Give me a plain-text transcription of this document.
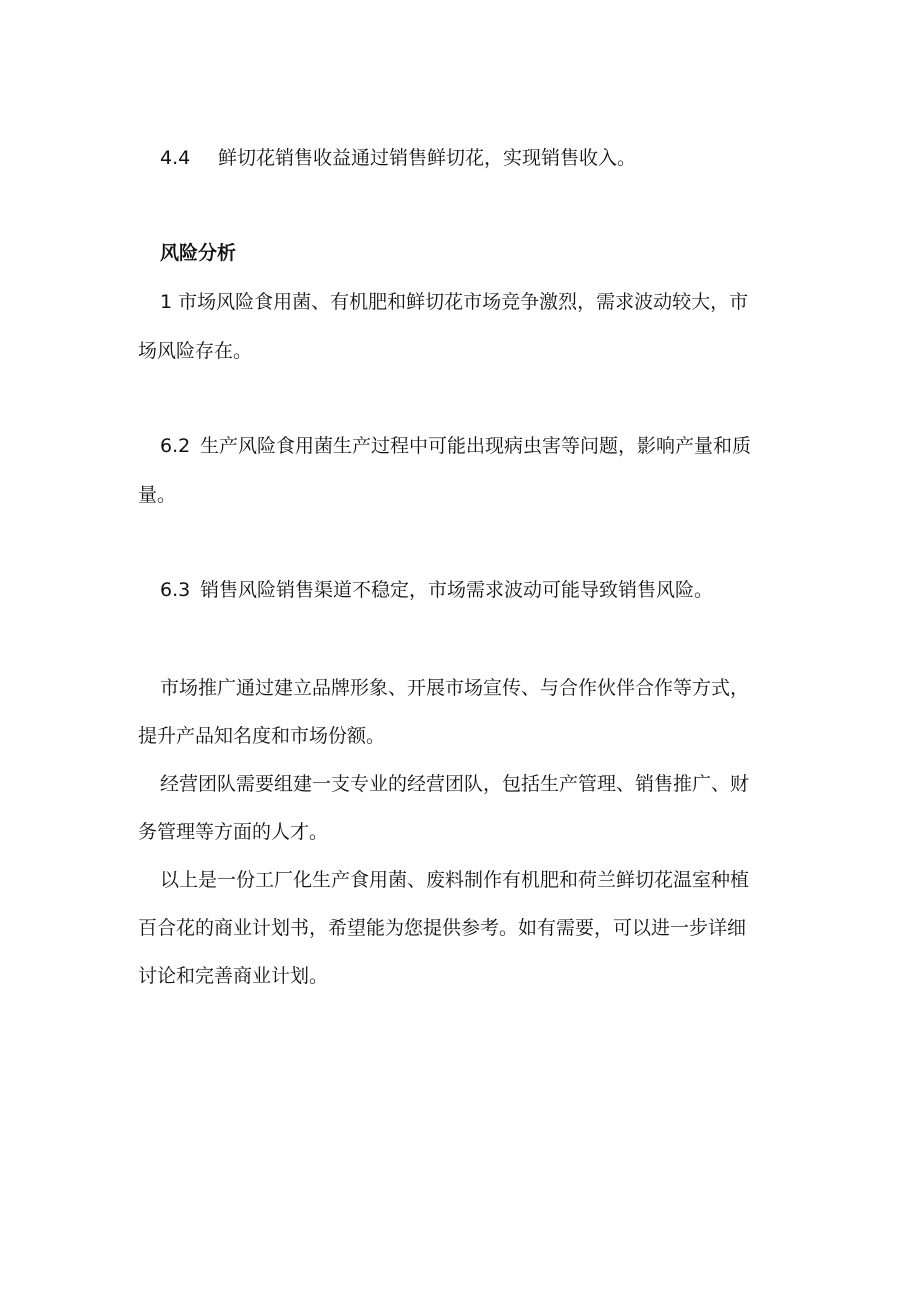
4.4 鲜切花销售收益通过销售鲜切花，实现销售收入。
风险分析
1 市场风险食用菌、有机肥和鲜切花市场竞争激烈，需求波动较大，市
场风险存在。
6.2 生产风险食用菌生产过程中可能出现病虫害等问题，影响产量和质
量。
6.3 销售风险销售渠道不稳定，市场需求波动可能导致销售风险。
市场推广通过建立品牌形象、开展市场宣传、与合作伙伴合作等方式，
提升产品知名度和市场份额。
经营团队需要组建一支专业的经营团队，包括生产管理、销售推广、财
务管理等方面的人才。
以上是一份工厂化生产食用菌、废料制作有机肥和荷兰鲜切花温室种植
百合花的商业计划书，希望能为您提供参考。如有需要，可以进一步详细
讨论和完善商业计划。
